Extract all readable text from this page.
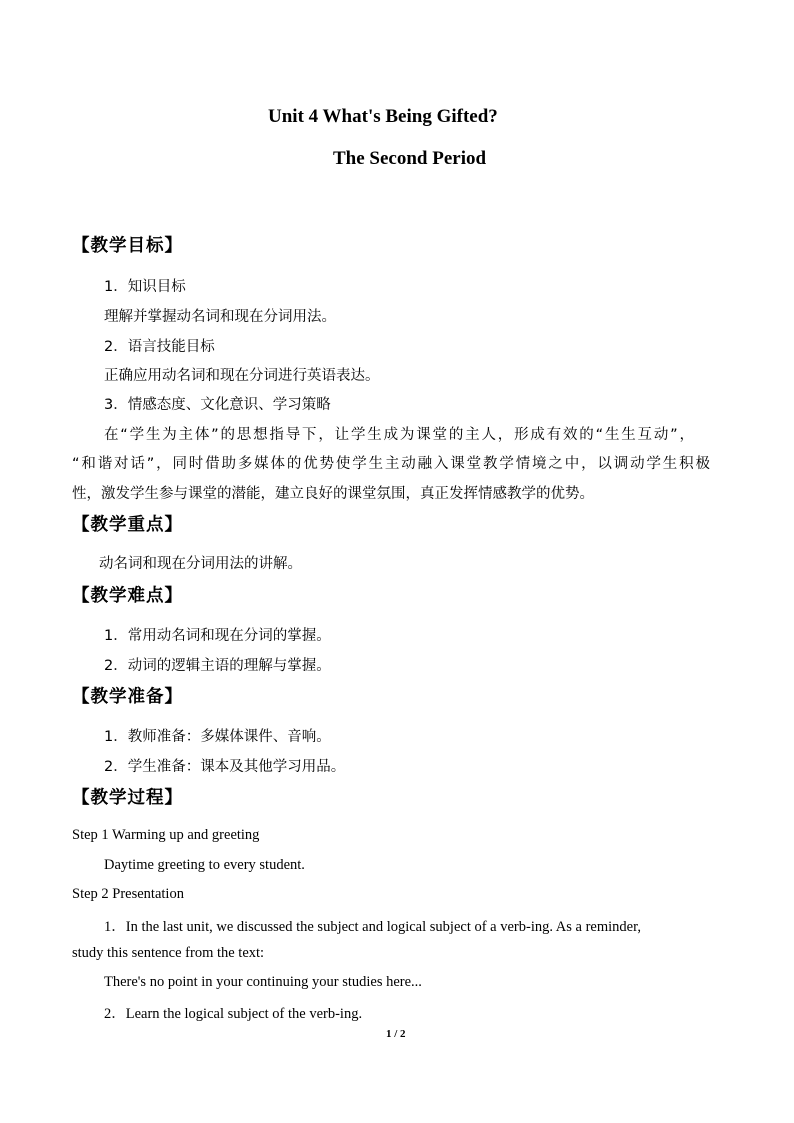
Unit 4 What's Being Gifted?
The Second Period
【教学目标】
1．知识目标
理解并掌握动名词和现在分词用法。
2．语言技能目标
正确应用动名词和现在分词进行英语表达。
3．情感态度、文化意识、学习策略
在“学生为主体”的思想指导下，让学生成为课堂的主人，形成有效的“生生互动”，
“和谐对话”，同时借助多媒体的优势使学生主动融入课堂教学情境之中，以调动学生积极
性，激发学生参与课堂的潜能，建立良好的课堂氛围，真正发挥情感教学的优势。
【教学重点】
动名词和现在分词用法的讲解。
【教学难点】
1．常用动名词和现在分词的掌握。
2．动词的逻辑主语的理解与掌握。
【教学准备】
1．教师准备：多媒体课件、音响。
2．学生准备：课本及其他学习用品。
【教学过程】
Step 1 Warming up and greeting
Daytime greeting to every student.
Step 2 Presentation
1．In the last unit, we discussed the subject and logical subject of a verb-ing. As a reminder,
study this sentence from the text:
There's no point in your continuing your studies here...
2．Learn the logical subject of the verb-ing.
1 / 2
